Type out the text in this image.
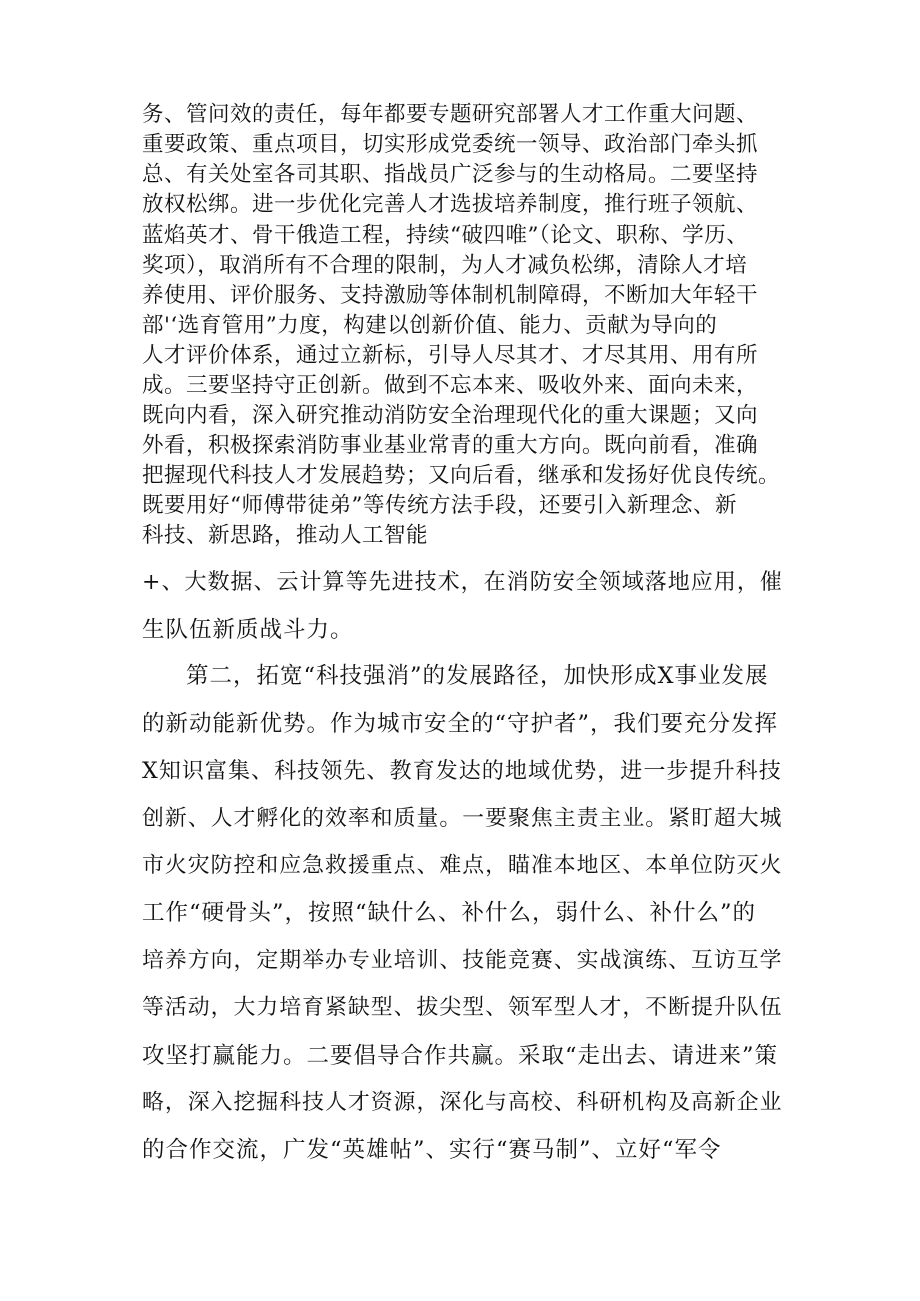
务、管问效的责任，每年都要专题研究部署人才工作重大问题、
重要政策、重点项目，切实形成党委统一领导、政治部门牵头抓
总、有关处室各司其职、指战员广泛参与的生动格局。二要坚持
放权松绑。进一步优化完善人才选拔培养制度，推行班子领航、
蓝焰英才、骨干俄造工程，持续“破四唯”（论文、职称、学历、
奖项），取消所有不合理的限制，为人才减负松绑，清除人才培
养使用、评价服务、支持激励等体制机制障碍，不断加大年轻干
部'‘选育管用”力度，构建以创新价值、能力、贡献为导向的
人才评价体系，通过立新标，引导人尽其才、才尽其用、用有所
成。三要坚持守正创新。做到不忘本来、吸收外来、面向未来，
既向内看，深入研究推动消防安全治理现代化的重大课题；又向
外看，积极探索消防事业基业常青的重大方向。既向前看，准确
把握现代科技人才发展趋势；又向后看，继承和发扬好优良传统。
既要用好“师傅带徒弟”等传统方法手段，还要引入新理念、新
科技、新思路，推动人工智能
+、大数据、云计算等先进技术，在消防安全领域落地应用，催
生队伍新质战斗力。
第二，拓宽“科技强消”的发展路径，加快形成X事业发展
的新动能新优势。作为城市安全的“守护者”，我们要充分发挥
X知识富集、科技领先、教育发达的地域优势，进一步提升科技
创新、人才孵化的效率和质量。一要聚焦主责主业。紧盯超大城
市火灾防控和应急救援重点、难点，瞄准本地区、本单位防灭火
工作“硬骨头”，按照“缺什么、补什么，弱什么、补什么”的
培养方向，定期举办专业培训、技能竞赛、实战演练、互访互学
等活动，大力培育紧缺型、拔尖型、领军型人才，不断提升队伍
攻坚打赢能力。二要倡导合作共赢。采取“走出去、请进来”策
略，深入挖掘科技人才资源，深化与高校、科研机构及高新企业
的合作交流，广发“英雄帖”、实行“赛马制”、立好“军令
